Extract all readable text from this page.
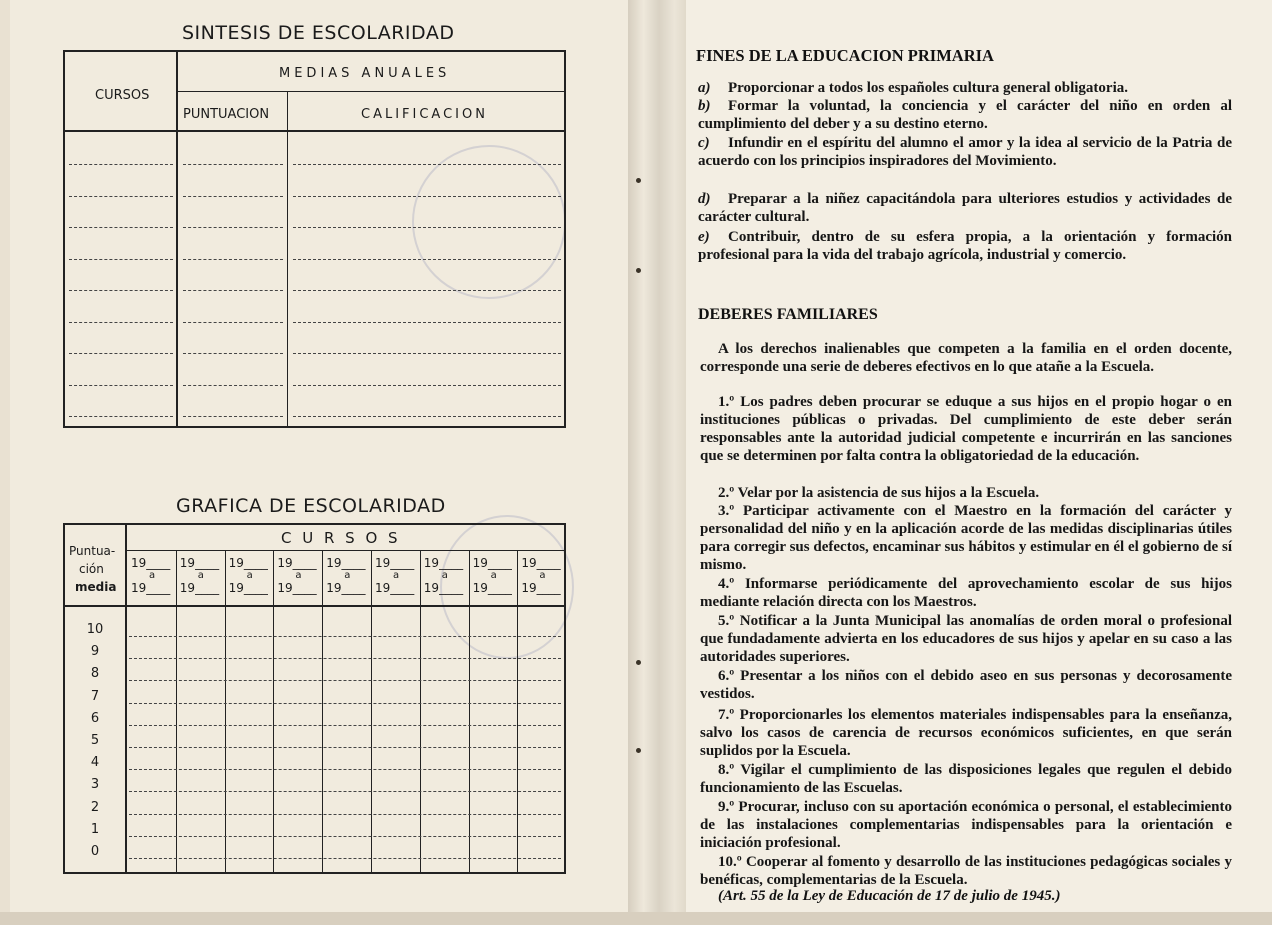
SINTESIS DE ESCOLARIDAD
CURSOS
MEDIAS ANUALES
PUNTUACION	CALIFICACION
GRAFICA DE ESCOLARIDAD
C U R S O S
Puntua-
ción
media
19____
a
19____
19____
a
19____
19____
a
19____
19____
a
19____
19____
a
19____
19____
a
19____
19____
a
19____
19____
a
19____
19____
a
19____
10
9
8
7
6
5
4
3
2
1
0
FINES DE LA EDUCACION PRIMARIA
a) Proporcionar a todos los españoles cultura general obligatoria.
b) Formar la voluntad, la conciencia y el carácter del niño en orden al cumplimiento del deber y a su destino eterno.
c) Infundir en el espíritu del alumno el amor y la idea al servicio de la Patria de acuerdo con los principios inspiradores del Movimiento.
d) Preparar a la niñez capacitándola para ulteriores estudios y actividades de carácter cultural.
e) Contribuir, dentro de su esfera propia, a la orientación y formación profesional para la vida del trabajo agrícola, industrial y comercio.
DEBERES FAMILIARES
A los derechos inalienables que competen a la familia en el orden docente, corresponde una serie de deberes efectivos en lo que atañe a la Escuela.
1.º Los padres deben procurar se eduque a sus hijos en el propio hogar o en instituciones públicas o privadas. Del cumplimiento de este deber serán responsables ante la autoridad judicial competente e incurrirán en las sanciones que se determinen por falta contra la obligatoriedad de la educación.
2.º Velar por la asistencia de sus hijos a la Escuela.
3.º Participar activamente con el Maestro en la formación del carácter y personalidad del niño y en la aplicación acorde de las medidas disciplinarias útiles para corregir sus defectos, encaminar sus hábitos y estimular en él el gobierno de sí mismo.
4.º Informarse periódicamente del aprovechamiento escolar de sus hijos mediante relación directa con los Maestros.
5.º Notificar a la Junta Municipal las anomalías de orden moral o profesional que fundadamente advierta en los educadores de sus hijos y apelar en su caso a las autoridades superiores.
6.º Presentar a los niños con el debido aseo en sus personas y decorosamente vestidos.
7.º Proporcionarles los elementos materiales indispensables para la enseñanza, salvo los casos de carencia de recursos económicos suficientes, en que serán suplidos por la Escuela.
8.º Vigilar el cumplimiento de las disposiciones legales que regulen el debido funcionamiento de las Escuelas.
9.º Procurar, incluso con su aportación económica o personal, el establecimiento de las instalaciones complementarias indispensables para la orientación e iniciación profesional.
10.º Cooperar al fomento y desarrollo de las instituciones pedagógicas sociales y benéficas, complementarias de la Escuela.
(Art. 55 de la Ley de Educación de 17 de julio de 1945.)
